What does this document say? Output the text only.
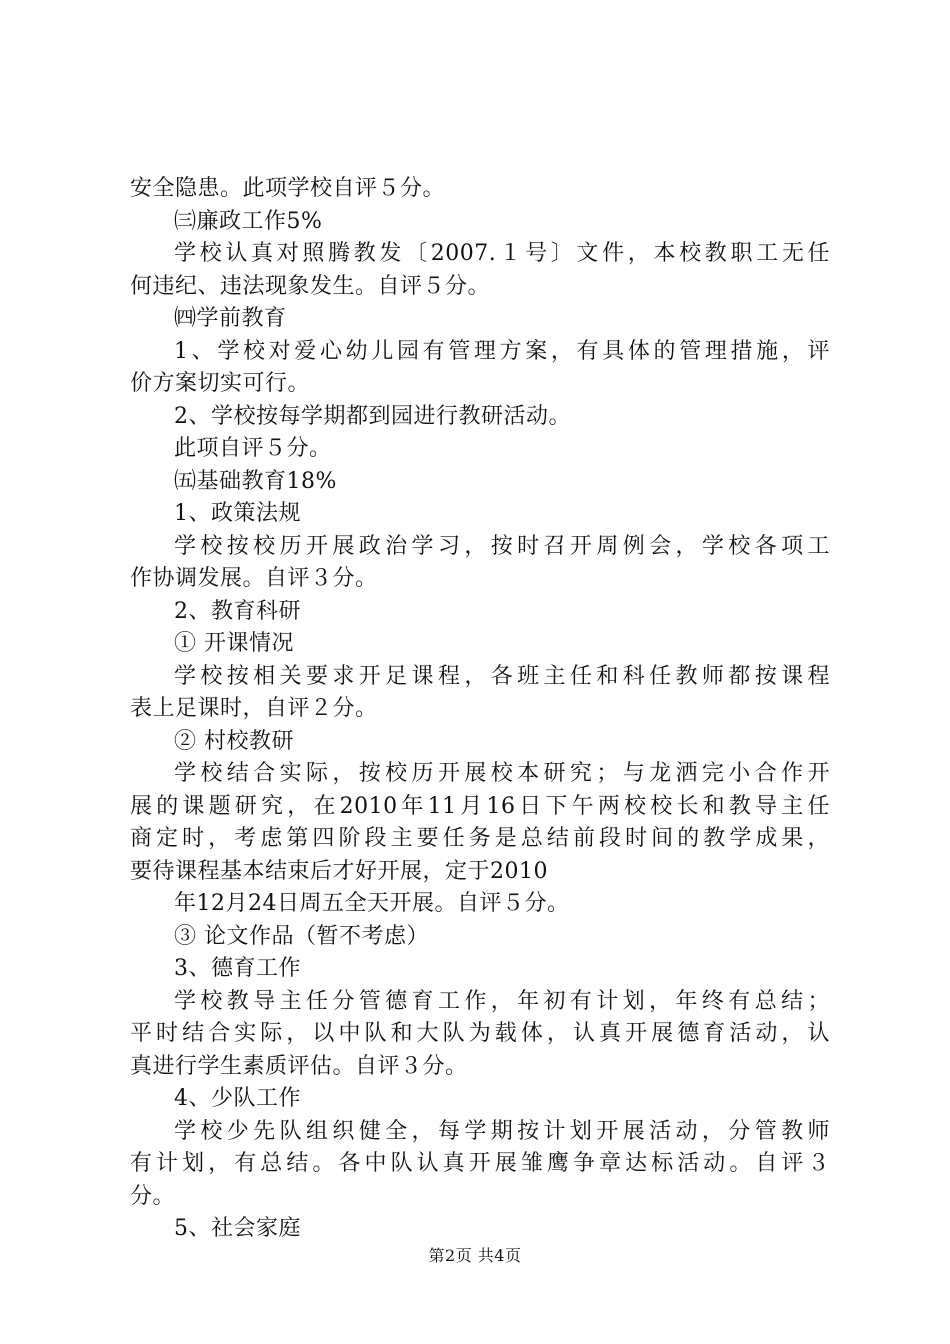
安全隐患。此项学校自评５分。
㈢廉政工作5%
学校认真对照腾教发〔2007.１号〕文件，本校教职工无任
何违纪、违法现象发生。自评５分。
㈣学前教育
1、学校对爱心幼儿园有管理方案，有具体的管理措施，评
价方案切实可行。
2、学校按每学期都到园进行教研活动。
此项自评５分。
㈤基础教育18%
1、政策法规
学校按校历开展政治学习，按时召开周例会，学校各项工
作协调发展。自评３分。
2、教育科研
① 开课情况
学校按相关要求开足课程，各班主任和科任教师都按课程
表上足课时，自评２分。
② 村校教研
学校结合实际，按校历开展校本研究；与龙洒完小合作开
展的课题研究，在2010年11月16日下午两校校长和教导主任
商定时，考虑第四阶段主要任务是总结前段时间的教学成果，
要待课程基本结束后才好开展，定于2010
年12月24日周五全天开展。自评５分。
③ 论文作品（暂不考虑）
3、德育工作
学校教导主任分管德育工作，年初有计划，年终有总结；
平时结合实际，以中队和大队为载体，认真开展德育活动，认
真进行学生素质评估。自评３分。
4、少队工作
学校少先队组织健全，每学期按计划开展活动，分管教师
有计划，有总结。各中队认真开展雏鹰争章达标活动。自评３
分。
5、社会家庭
第2页 共4页
